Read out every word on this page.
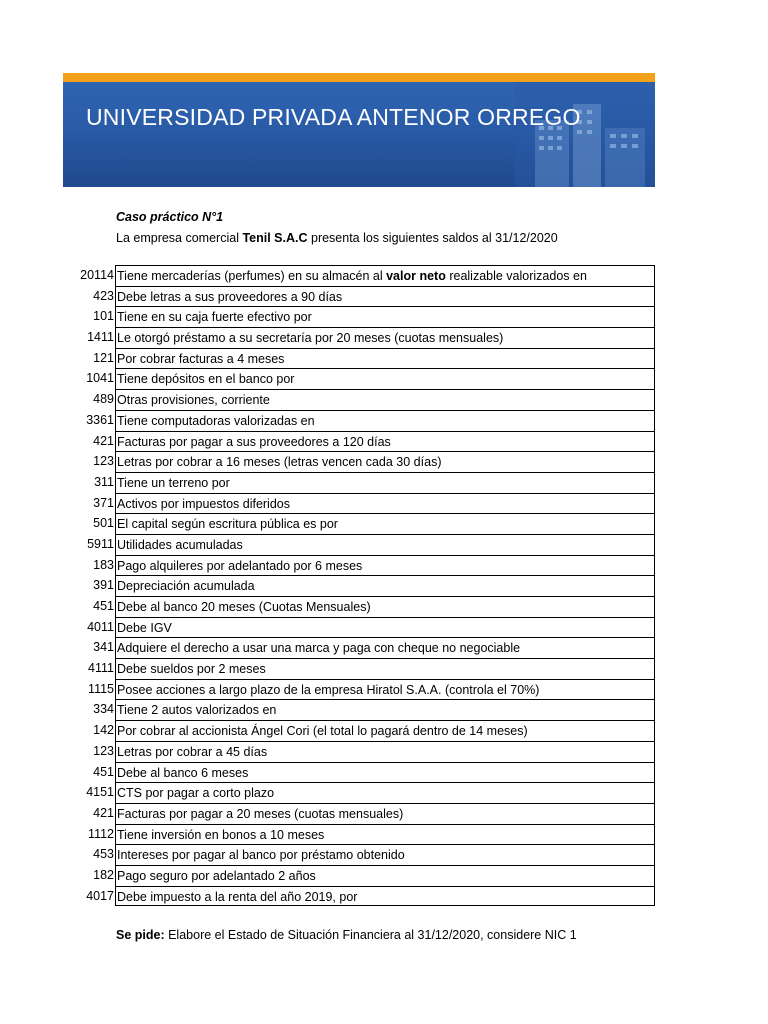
UNIVERSIDAD PRIVADA ANTENOR ORREGO
Caso práctico N°1
La empresa comercial Tenil S.A.C presenta los siguientes saldos al 31/12/2020
20114 Tiene mercaderías (perfumes) en su almacén al valor neto realizable valorizados en
423 Debe letras a sus proveedores a 90 días
101 Tiene en su caja fuerte efectivo por
1411 Le otorgó préstamo a su secretaría por 20 meses (cuotas mensuales)
121 Por cobrar facturas a 4 meses
1041 Tiene depósitos en el banco por
489 Otras provisiones, corriente
3361 Tiene computadoras valorizadas en
421 Facturas por pagar a sus proveedores a 120 días
123 Letras por cobrar a 16 meses (letras vencen cada 30 días)
311 Tiene un terreno por
371 Activos por impuestos diferidos
501 El capital según escritura pública es por
5911 Utilidades acumuladas
183 Pago alquileres por adelantado por 6 meses
391 Depreciación acumulada
451 Debe al banco 20 meses (Cuotas Mensuales)
4011 Debe IGV
341 Adquiere el derecho a usar una marca y paga con cheque no negociable
4111 Debe sueldos por 2 meses
1115 Posee acciones a largo plazo de la empresa Hiratol S.A.A. (controla el 70%)
334 Tiene 2 autos valorizados en
142 Por cobrar al accionista Ángel Cori (el total lo pagará dentro de 14 meses)
123 Letras por cobrar a 45 días
451 Debe al banco 6 meses
4151 CTS por pagar a corto plazo
421 Facturas por pagar a 20 meses (cuotas mensuales)
1112 Tiene inversión en bonos a 10 meses
453 Intereses por pagar al banco por préstamo obtenido
182 Pago seguro por adelantado 2 años
4017 Debe impuesto a la renta del año 2019, por
Se pide: Elabore el Estado de Situación Financiera al 31/12/2020, considere NIC 1
